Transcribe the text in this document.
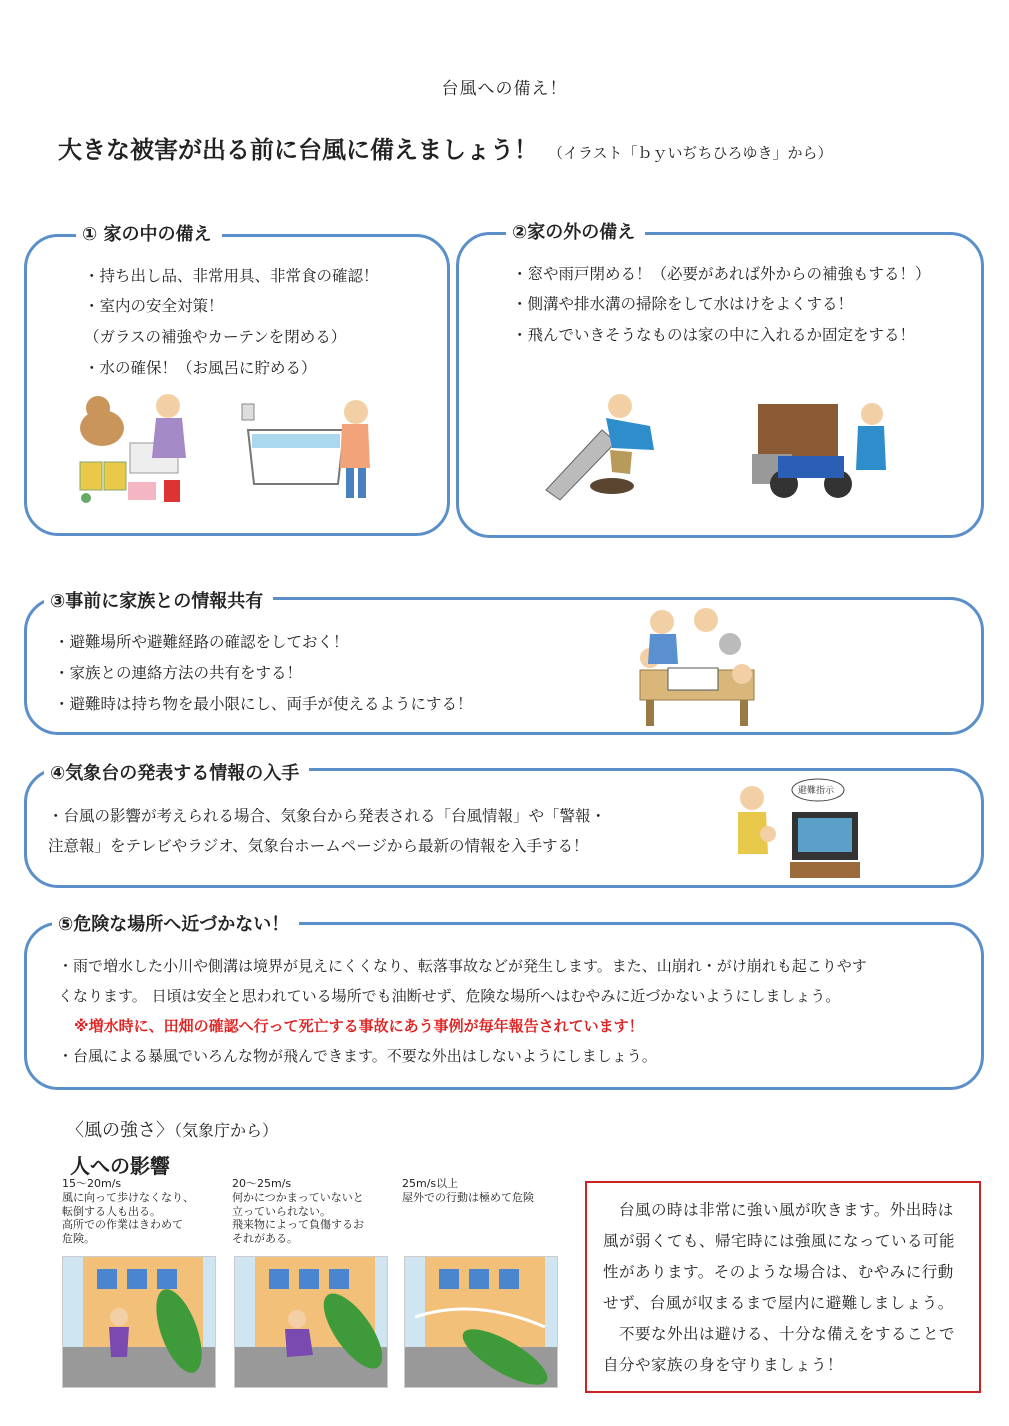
台風への備え！
大きな被害が出る前に台風に備えましょう！ （イラスト「ｂｙいぢちひろゆき」から）
① 家の中の備え
・持ち出し品、非常用具、非常食の確認！
・室内の安全対策！
（ガラスの補強やカーテンを閉める）
・水の確保！（お風呂に貯める）
②家の外の備え
・窓や雨戸閉める！（必要があれば外からの補強もする！）
・側溝や排水溝の掃除をして水はけをよくする！
・飛んでいきそうなものは家の中に入れるか固定をする！
③事前に家族との情報共有
・避難場所や避難経路の確認をしておく！
・家族との連絡方法の共有をする！
・避難時は持ち物を最小限にし、両手が使えるようにする！
④気象台の発表する情報の入手
・台風の影響が考えられる場合、気象台から発表される「台風情報」や「警報・
注意報」をテレビやラジオ、気象台ホームページから最新の情報を入手する！
避難指示
⑤危険な場所へ近づかない！
・雨で増水した小川や側溝は境界が見えにくくなり、転落事故などが発生します。また、山崩れ・がけ崩れも起こりやす
くなります。 日頃は安全と思われている場所でも油断せず、危険な場所へはむやみに近づかないようにしましょう。
※増水時に、田畑の確認へ行って死亡する事故にあう事例が毎年報告されています！
・台風による暴風でいろんな物が飛んできます。不要な外出はしないようにしましょう。
〈風の強さ〉（気象庁から）
人への影響
15～20m/s
風に向って歩けなくなり、
転倒する人も出る。
高所での作業はきわめて
危険。
20～25m/s
何かにつかまっていないと
立っていられない。
飛来物によって負傷するお
それがある。
25m/s以上
屋外での行動は極めて危険

　台風の時は非常に強い風が吹きます。外出時は風が弱くても、帰宅時には強風になっている可能性があります。そのような場合は、むやみに行動せず、台風が収まるまで屋内に避難しましょう。

　不要な外出は避ける、十分な備えをすることで自分や家族の身を守りましょう！
